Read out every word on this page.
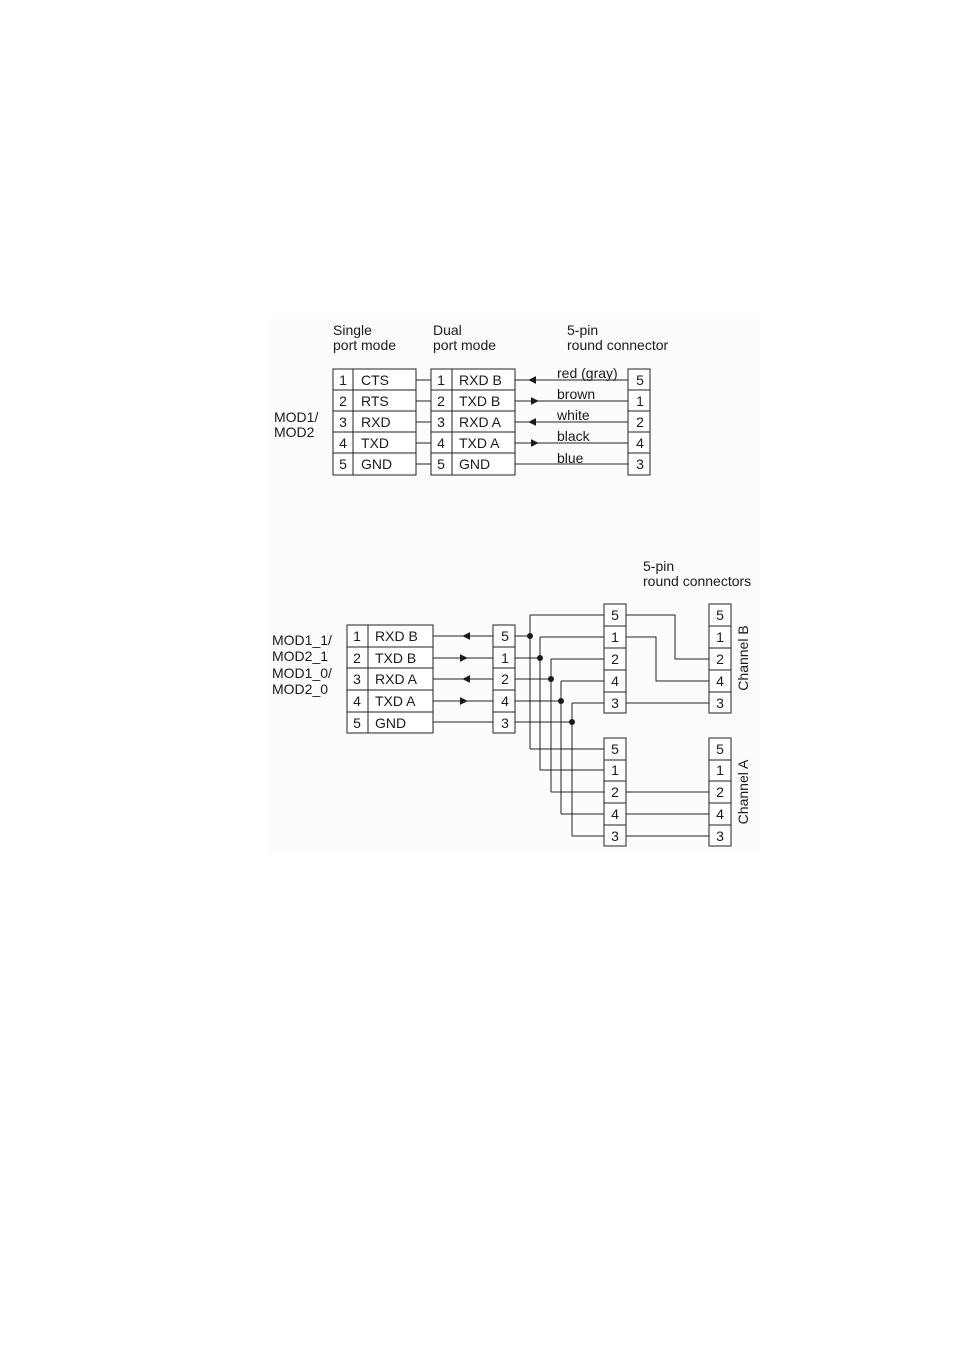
Single
port mode
Dual
port mode
5-pin
round connector
MOD1/
MOD2
1
2
3
4
5
CTS
RTS
RXD
TXD
GND
1
2
3
4
5
RXD B
TXD B
RXD A
TXD A
GND
red (gray)
brown
white
black
blue
5
1
2
4
3
5-pin
round connectors
MOD1_1/
MOD2_1
MOD1_0/
MOD2_0
1
2
3
4
5
RXD B
TXD B
RXD A
TXD A
GND
5
1
2
4
3
5
1
2
4
3
5
1
2
4
3
5
1
2
4
3
Channel B
5
1
2
4
3
Channel A
